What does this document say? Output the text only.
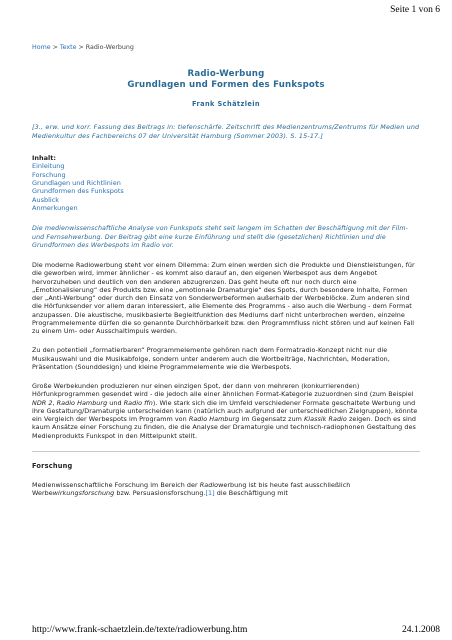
Seite 1 von 6
Home > Texte > Radio-Werbung
Radio-Werbung
Grundlagen und Formen des Funkspots
Frank Schätzlein
[3., erw. und korr. Fassung des Beitrags in: tiefenschärfe. Zeitschrift des Medienzentrums/Zentrums für Medien und Medienkultur des Fachbereichs 07 der Universität Hamburg (Sommer 2003). S. 15-17.]
Inhalt:
Einleitung
Forschung
Grundlagen und Richtlinien
Grundformen des Funkspots
Ausblick
Anmerkungen
Die medienwissenschaftliche Analyse von Funkspots steht seit langem im Schatten der Beschäftigung mit der Film- und Fernsehwerbung. Der Beitrag gibt eine kurze Einführung und stellt die (gesetzlichen) Richtlinien und die Grundformen des Werbespots im Radio vor.

Die moderne Radiowerbung steht vor einem Dilemma: Zum einen werden sich die Produkte und Dienstleistungen, für die geworben wird, immer ähnlicher - es kommt also darauf an, den eigenen Werbespot aus dem Angebot hervorzuheben und deutlich von den anderen abzugrenzen. Das geht heute oft nur noch durch eine „Emotionalisierung“ des Produkts bzw. eine „emotionale Dramaturgie“ des Spots, durch besondere Inhalte, Formen der „Anti-Werbung“ oder durch den Einsatz von Sonderwerbeformen außerhalb der Werbeblöcke. Zum anderen sind die Hörfunksender vor allem daran interessiert, alle Elemente des Programms - also auch die Werbung - dem Format anzupassen. Die akustische, musikbasierte Begleitfunktion des Mediums darf nicht unterbrochen werden, einzelne Programmelemente dürfen die so genannte Durchhörbarkeit bzw. den Programmfluss nicht stören und auf keinen Fall zu einem Um- oder Ausschaltimpuls werden.

Zu den potentiell „formatierbaren“ Programmelemente gehören nach dem Formatradio-Konzept nicht nur die Musikauswahl und die Musikabfolge, sondern unter anderem auch die Wortbeiträge, Nachrichten, Moderation, Präsentation (Sounddesign) und kleine Programmelemente wie die Werbespots.

Große Werbekunden produzieren nur einen einzigen Spot, der dann von mehreren (konkurrierenden) Hörfunkprogrammen gesendet wird - die jedoch alle einer ähnlichen Format-Kategorie zuzuordnen sind (zum Beispiel NDR 2, Radio Hamburg und Radio ffn). Wie stark sich die im Umfeld verschiedener Formate geschaltete Werbung und ihre Gestaltung/Dramaturgie unterscheiden kann (natürlich auch aufgrund der unterschiedlichen Zielgruppen), könnte ein Vergleich der Werbespots im Programm von Radio Hamburg im Gegensatz zum Klassik Radio zeigen. Doch es sind kaum Ansätze einer Forschung zu finden, die die Analyse der Dramaturgie und technisch-radiophonen Gestaltung des Medienprodukts Funkspot in den Mittelpunkt stellt.

Forschung

Medienwissenschaftliche Forschung im Bereich der Radiowerbung ist bis heute fast ausschließlich Werbewirkungsforschung bzw. Persuasionsforschung.[1] die Beschäftigung mit

http://www.frank-schaetzlein.de/texte/radiowerbung.htm	24.1.2008
